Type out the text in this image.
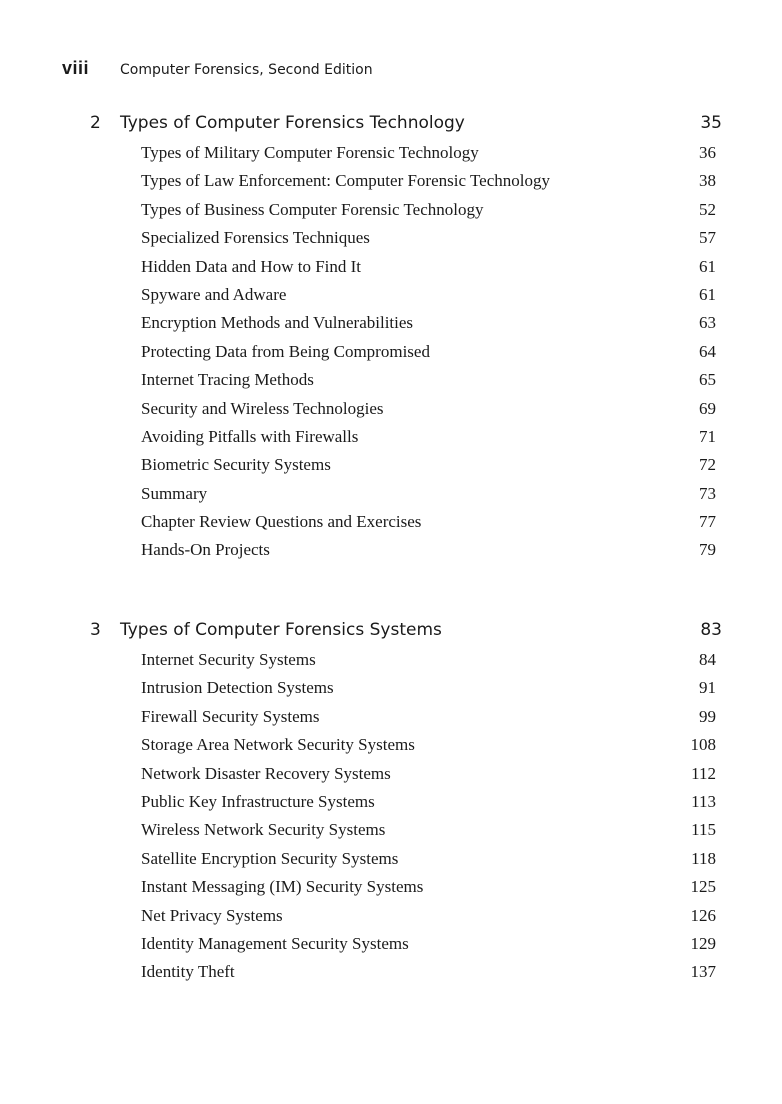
viii	Computer Forensics, Second Edition
2	Types of Computer Forensics Technology	35
Types of Military Computer Forensic Technology	36
Types of Law Enforcement: Computer Forensic Technology	38
Types of Business Computer Forensic Technology	52
Specialized Forensics Techniques	57
Hidden Data and How to Find It	61
Spyware and Adware	61
Encryption Methods and Vulnerabilities	63
Protecting Data from Being Compromised	64
Internet Tracing Methods	65
Security and Wireless Technologies	69
Avoiding Pitfalls with Firewalls	71
Biometric Security Systems	72
Summary	73
Chapter Review Questions and Exercises	77
Hands-On Projects	79
3	Types of Computer Forensics Systems	83
Internet Security Systems	84
Intrusion Detection Systems	91
Firewall Security Systems	99
Storage Area Network Security Systems	108
Network Disaster Recovery Systems	112
Public Key Infrastructure Systems	113
Wireless Network Security Systems	115
Satellite Encryption Security Systems	118
Instant Messaging (IM) Security Systems	125
Net Privacy Systems	126
Identity Management Security Systems	129
Identity Theft	137
